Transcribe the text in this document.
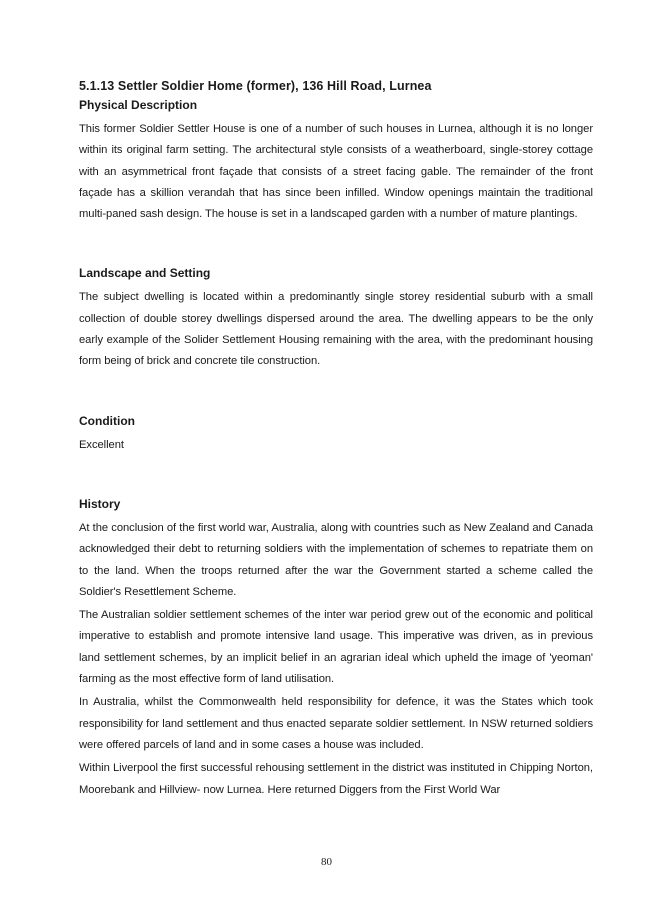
5.1.13 Settler Soldier Home (former), 136 Hill Road, Lurnea
Physical Description

This former Soldier Settler House is one of a number of such houses in Lurnea, although it is no longer within its original farm setting. The architectural style consists of a weatherboard, single-storey cottage with an asymmetrical front façade that consists of a street facing gable. The remainder of the front façade has a skillion verandah that has since been infilled. Window openings maintain the traditional multi-paned sash design. The house is set in a landscaped garden with a number of mature plantings.

Landscape and Setting

The subject dwelling is located within a predominantly single storey residential suburb with a small collection of double storey dwellings dispersed around the area. The dwelling appears to be the only early example of the Solider Settlement Housing remaining with the area, with the predominant housing form being of brick and concrete tile construction.

Condition

Excellent

History

At the conclusion of the first world war, Australia, along with countries such as New Zealand and Canada acknowledged their debt to returning soldiers with the implementation of schemes to repatriate them on to the land. When the troops returned after the war the Government started a scheme called the Soldier's Resettlement Scheme.

The Australian soldier settlement schemes of the inter war period grew out of the economic and political imperative to establish and promote intensive land usage. This imperative was driven, as in previous land settlement schemes, by an implicit belief in an agrarian ideal which upheld the image of 'yeoman' farming as the most effective form of land utilisation.

In Australia, whilst the Commonwealth held responsibility for defence, it was the States which took responsibility for land settlement and thus enacted separate soldier settlement. In NSW returned soldiers were offered parcels of land and in some cases a house was included.

Within Liverpool the first successful rehousing settlement in the district was instituted in Chipping Norton, Moorebank and Hillview- now Lurnea. Here returned Diggers from the First World War

80
